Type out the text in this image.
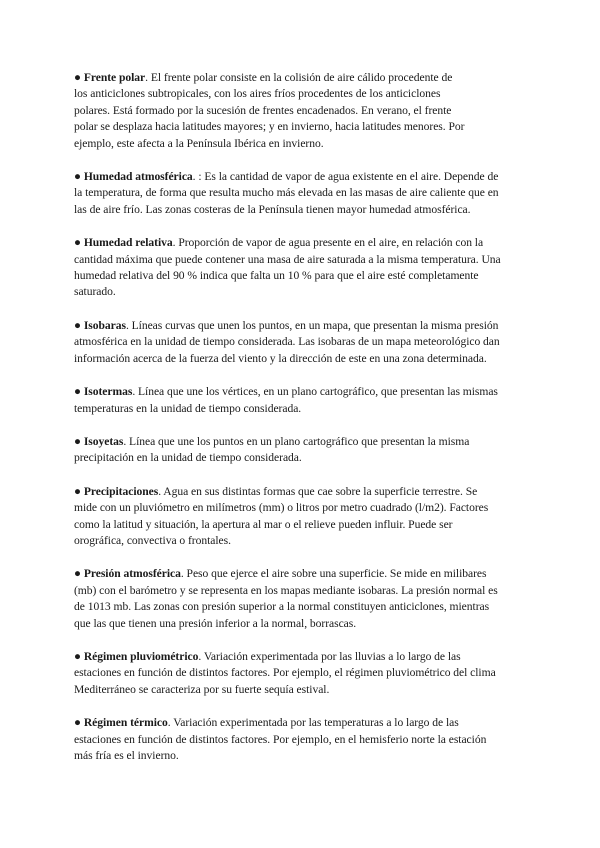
● Frente polar. El frente polar consiste en la colisión de aire cálido procedente de
los anticiclones subtropicales, con los aires fríos procedentes de los anticiclones
polares. Está formado por la sucesión de frentes encadenados. En verano, el frente
polar se desplaza hacia latitudes mayores; y en invierno, hacia latitudes menores. Por
ejemplo, este afecta a la Península Ibérica en invierno.
● Humedad atmosférica. : Es la cantidad de vapor de agua existente en el aire. Depende de
la temperatura, de forma que resulta mucho más elevada en las masas de aire caliente que en
las de aire frío. Las zonas costeras de la Península tienen mayor humedad atmosférica.
● Humedad relativa. Proporción de vapor de agua presente en el aire, en relación con la
cantidad máxima que puede contener una masa de aire saturada a la misma temperatura. Una
humedad relativa del 90 % indica que falta un 10 % para que el aire esté completamente
saturado.
● Isobaras. Líneas curvas que unen los puntos, en un mapa, que presentan la misma presión
atmosférica en la unidad de tiempo considerada. Las isobaras de un mapa meteorológico dan
información acerca de la fuerza del viento y la dirección de este en una zona determinada.
● Isotermas. Línea que une los vértices, en un plano cartográfico, que presentan las mismas
temperaturas en la unidad de tiempo considerada.
● Isoyetas. Línea que une los puntos en un plano cartográfico que presentan la misma
precipitación en la unidad de tiempo considerada.
● Precipitaciones. Agua en sus distintas formas que cae sobre la superficie terrestre. Se
mide con un pluviómetro en milímetros (mm) o litros por metro cuadrado (l/m2). Factores
como la latitud y situación, la apertura al mar o el relieve pueden influir. Puede ser
orográfica, convectiva o frontales.
● Presión atmosférica. Peso que ejerce el aire sobre una superficie. Se mide en milibares
(mb) con el barómetro y se representa en los mapas mediante isobaras. La presión normal es
de 1013 mb. Las zonas con presión superior a la normal constituyen anticiclones, mientras
que las que tienen una presión inferior a la normal, borrascas.
● Régimen pluviométrico. Variación experimentada por las lluvias a lo largo de las
estaciones en función de distintos factores. Por ejemplo, el régimen pluviométrico del clima
Mediterráneo se caracteriza por su fuerte sequía estival.
● Régimen térmico. Variación experimentada por las temperaturas a lo largo de las
estaciones en función de distintos factores. Por ejemplo, en el hemisferio norte la estación
más fría es el invierno.
